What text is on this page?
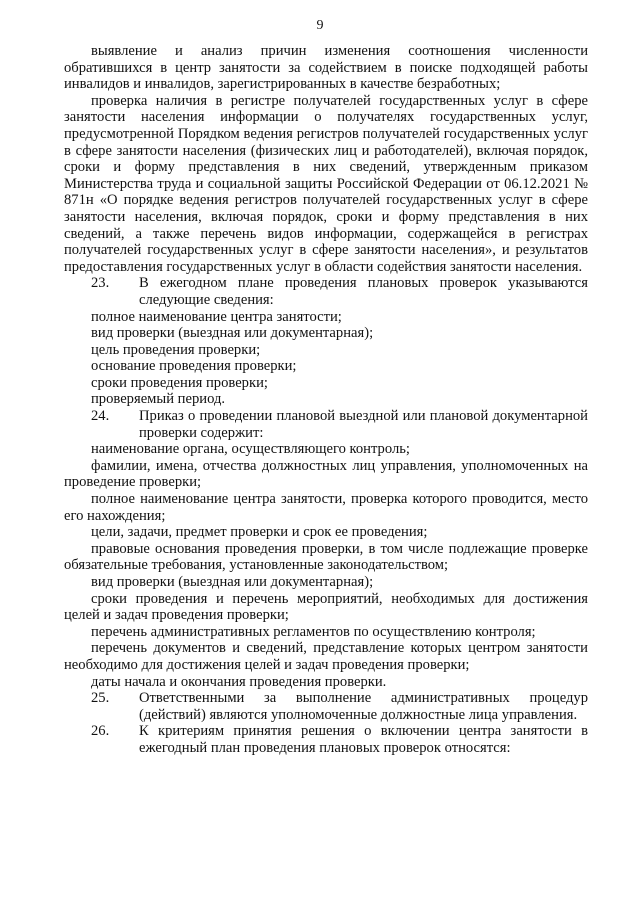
9

выявление и анализ причин изменения соотношения численности обратившихся в центр занятости за содействием в поиске подходящей работы инвалидов и инвалидов, зарегистрированных в качестве безработных;

проверка наличия в регистре получателей государственных услуг в сфере занятости населения информации о получателях государственных услуг, предусмотренной Порядком ведения регистров получателей государственных услуг в сфере занятости населения (физических лиц и работодателей), включая порядок, сроки и форму представления в них сведений, утвержденным приказом Министерства труда и социальной защиты Российской Федерации от 06.12.2021 № 871н «О порядке ведения регистров получателей государственных услуг в сфере занятости населения, включая порядок, сроки и форму представления в них сведений, а также перечень видов информации, содержащейся в регистрах получателей государственных услуг в сфере занятости населения», и результатов предоставления государственных услуг в области содействия занятости населения.

23.	В ежегодном плане проведения плановых проверок указываются следующие сведения:

полное наименование центра занятости;

вид проверки (выездная или документарная);

цель проведения проверки;

основание проведения проверки;

сроки проведения проверки;

проверяемый период.

24.	Приказ о проведении плановой выездной или плановой документарной проверки содержит:

наименование органа, осуществляющего контроль;

фамилии, имена, отчества должностных лиц управления, уполномоченных на проведение проверки;

полное наименование центра занятости, проверка которого проводится, место его нахождения;

цели, задачи, предмет проверки и срок ее проведения;

правовые основания проведения проверки, в том числе подлежащие проверке обязательные требования, установленные законодательством;

вид проверки (выездная или документарная);

сроки проведения и перечень мероприятий, необходимых для достижения целей и задач проведения проверки;

перечень административных регламентов по осуществлению контроля;

перечень документов и сведений, представление которых центром занятости необходимо для достижения целей и задач проведения проверки;

даты начала и окончания проведения проверки.

25.	Ответственными за выполнение административных процедур (действий) являются уполномоченные должностные лица управления.

26.	К критериям принятия решения о включении центра занятости в ежегодный план проведения плановых проверок относятся:
